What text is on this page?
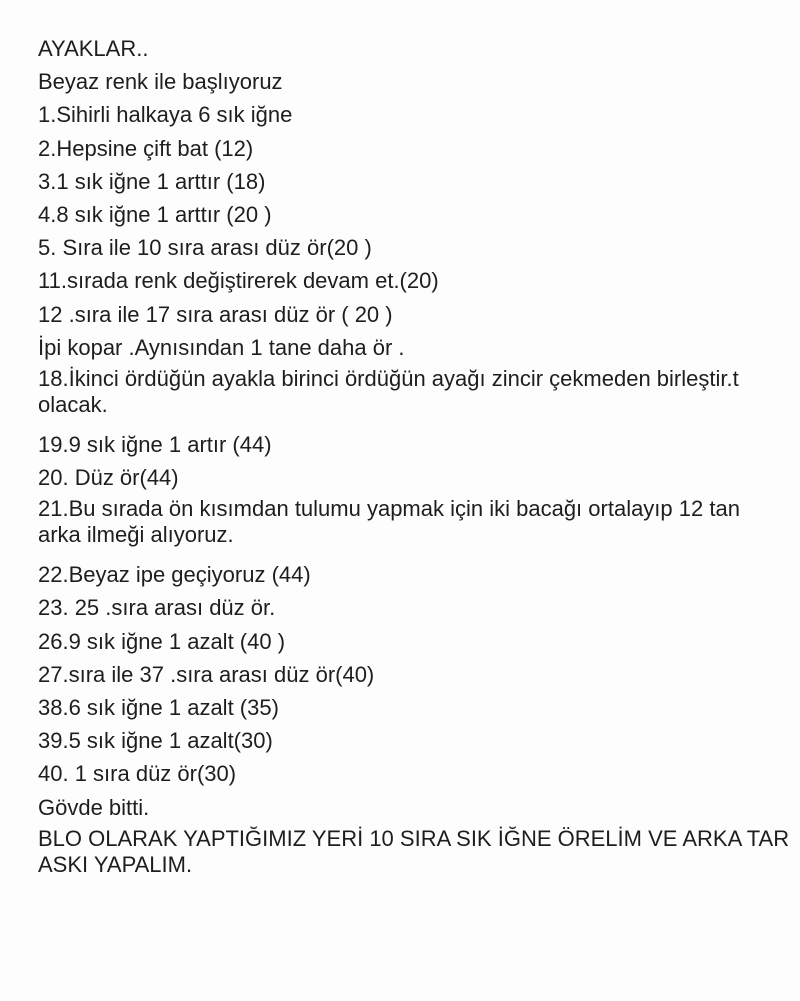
AYAKLAR..
Beyaz renk ile başlıyoruz
1.Sihirli halkaya 6 sık iğne
2.Hepsine çift bat (12)
3.1 sık iğne 1 arttır (18)
4.8 sık iğne 1 arttır (20 )
5. Sıra ile 10 sıra arası düz ör(20 )
11.sırada renk değiştirerek devam et.(20)
12 .sıra ile 17 sıra arası düz ör ( 20 )
İpi kopar .Aynısından 1 tane daha ör .
18.İkinci ördüğün ayakla birinci ördüğün ayağı zincir çekmeden birleştir.t
olacak.
19.9 sık iğne 1 artır (44)
20. Düz ör(44)
21.Bu sırada ön kısımdan tulumu yapmak için iki bacağı ortalayıp 12 tan
arka ilmeği alıyoruz.
22.Beyaz ipe geçiyoruz (44)
23. 25 .sıra arası düz ör.
26.9 sık iğne 1 azalt (40 )
27.sıra ile 37 .sıra arası düz ör(40)
38.6 sık iğne 1 azalt (35)
39.5 sık iğne 1 azalt(30)
40. 1 sıra düz ör(30)
Gövde bitti.
BLO OLARAK YAPTIĞIMIZ YERİ 10 SIRA SIK İĞNE ÖRELİM VE ARKA TAR
ASKI YAPALIM.
